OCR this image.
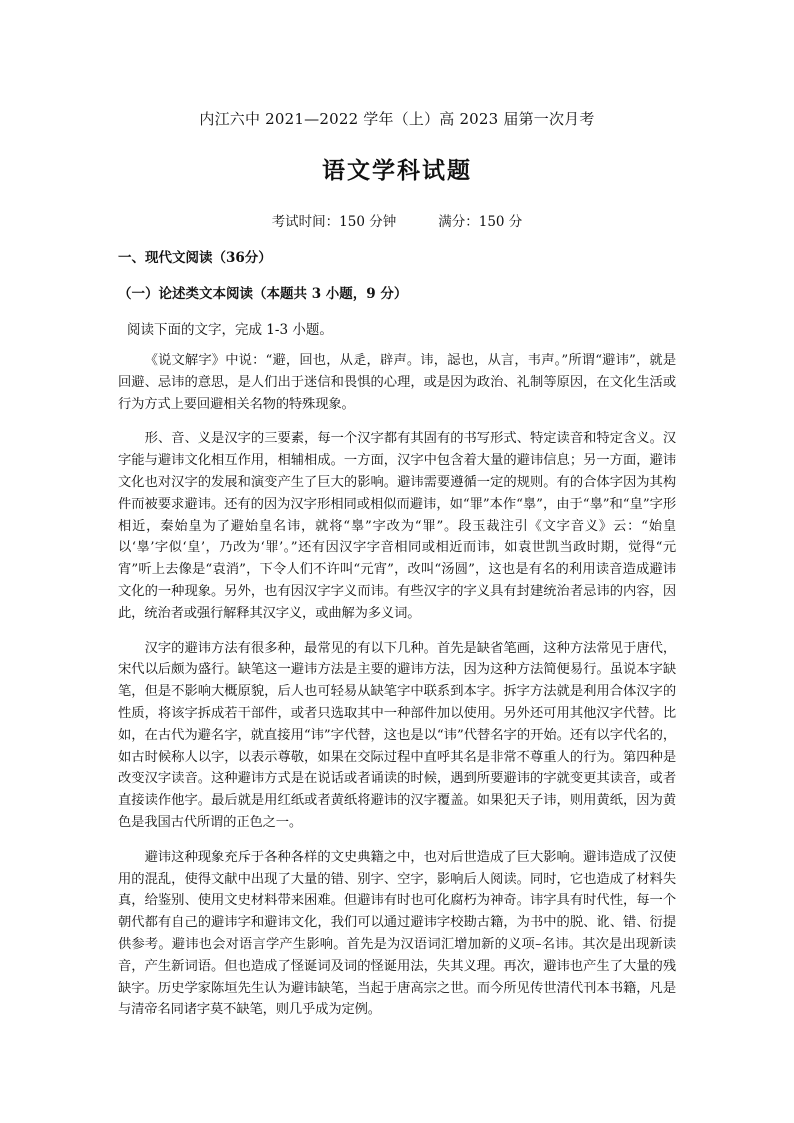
内江六中 2021—2022 学年（上）高 2023 届第一次月考
语文学科试题
考试时间：150 分钟	满分：150 分
一、现代文阅读（36分）
（一）论述类文本阅读（本题共 3 小题，9 分）
阅读下面的文字，完成 1-3 小题。

《说文解字》中说：“避，回也，从辵，辟声。讳，誋也，从言，韦声。”所谓“避讳”，就是回避、忌讳的意思，是人们出于迷信和畏惧的心理，或是因为政治、礼制等原因，在文化生活或行为方式上要回避相关名物的特殊现象。

形、音、义是汉字的三要素，每一个汉字都有其固有的书写形式、特定读音和特定含义。汉字能与避讳文化相互作用，相辅相成。一方面，汉字中包含着大量的避讳信息；另一方面，避讳文化也对汉字的发展和演变产生了巨大的影响。避讳需要遵循一定的规则。有的合体字因为其构件而被要求避讳。还有的因为汉字形相同或相似而避讳，如“罪”本作“辠”，由于“辠”和“皇”字形相近，秦始皇为了避始皇名讳，就将“辠”字改为“罪”。段玉裁注引《文字音义》云：“始皇以‘辠’字似‘皇’，乃改为‘罪’。”还有因汉字字音相同或相近而讳，如袁世凯当政时期，觉得“元宵”听上去像是“袁消”，下令人们不许叫“元宵”，改叫“汤圆”，这也是有名的利用读音造成避讳文化的一种现象。另外，也有因汉字字义而讳。有些汉字的字义具有封建统治者忌讳的内容，因此，统治者或强行解释其汉字义，或曲解为多义词。

汉字的避讳方法有很多种，最常见的有以下几种。首先是缺省笔画，这种方法常见于唐代，宋代以后颇为盛行。缺笔这一避讳方法是主要的避讳方法，因为这种方法简便易行。虽说本字缺笔，但是不影响大概原貌，后人也可轻易从缺笔字中联系到本字。拆字方法就是利用合体汉字的性质，将该字拆成若干部件，或者只选取其中一种部件加以使用。另外还可用其他汉字代替。比如，在古代为避名字，就直接用“讳”字代替，这也是以“讳”代替名字的开始。还有以字代名的，如古时候称人以字，以表示尊敬，如果在交际过程中直呼其名是非常不尊重人的行为。第四种是改变汉字读音。这种避讳方式是在说话或者诵读的时候，遇到所要避讳的字就变更其读音，或者直接读作他字。最后就是用红纸或者黄纸将避讳的汉字覆盖。如果犯天子讳，则用黄纸，因为黄色是我国古代所谓的正色之一。

避讳这种现象充斥于各种各样的文史典籍之中，也对后世造成了巨大影响。避讳造成了汉使用的混乱，使得文献中出现了大量的错、别字、空字，影响后人阅读。同时，它也造成了材料失真，给鉴别、使用文史材料带来困难。但避讳有时也可化腐朽为神奇。讳字具有时代性，每一个朝代都有自己的避讳字和避讳文化，我们可以通过避讳字校勘古籍，为书中的脱、讹、错、衍提供参考。避讳也会对语言学产生影响。首先是为汉语词汇增加新的义项–名讳。其次是出现新读音，产生新词语。但也造成了怪诞词及词的怪诞用法，失其义理。再次，避讳也产生了大量的残缺字。历史学家陈垣先生认为避讳缺笔，当起于唐高宗之世。而今所见传世清代刊本书籍，凡是与清帝名同诸字莫不缺笔，则几乎成为定例。
